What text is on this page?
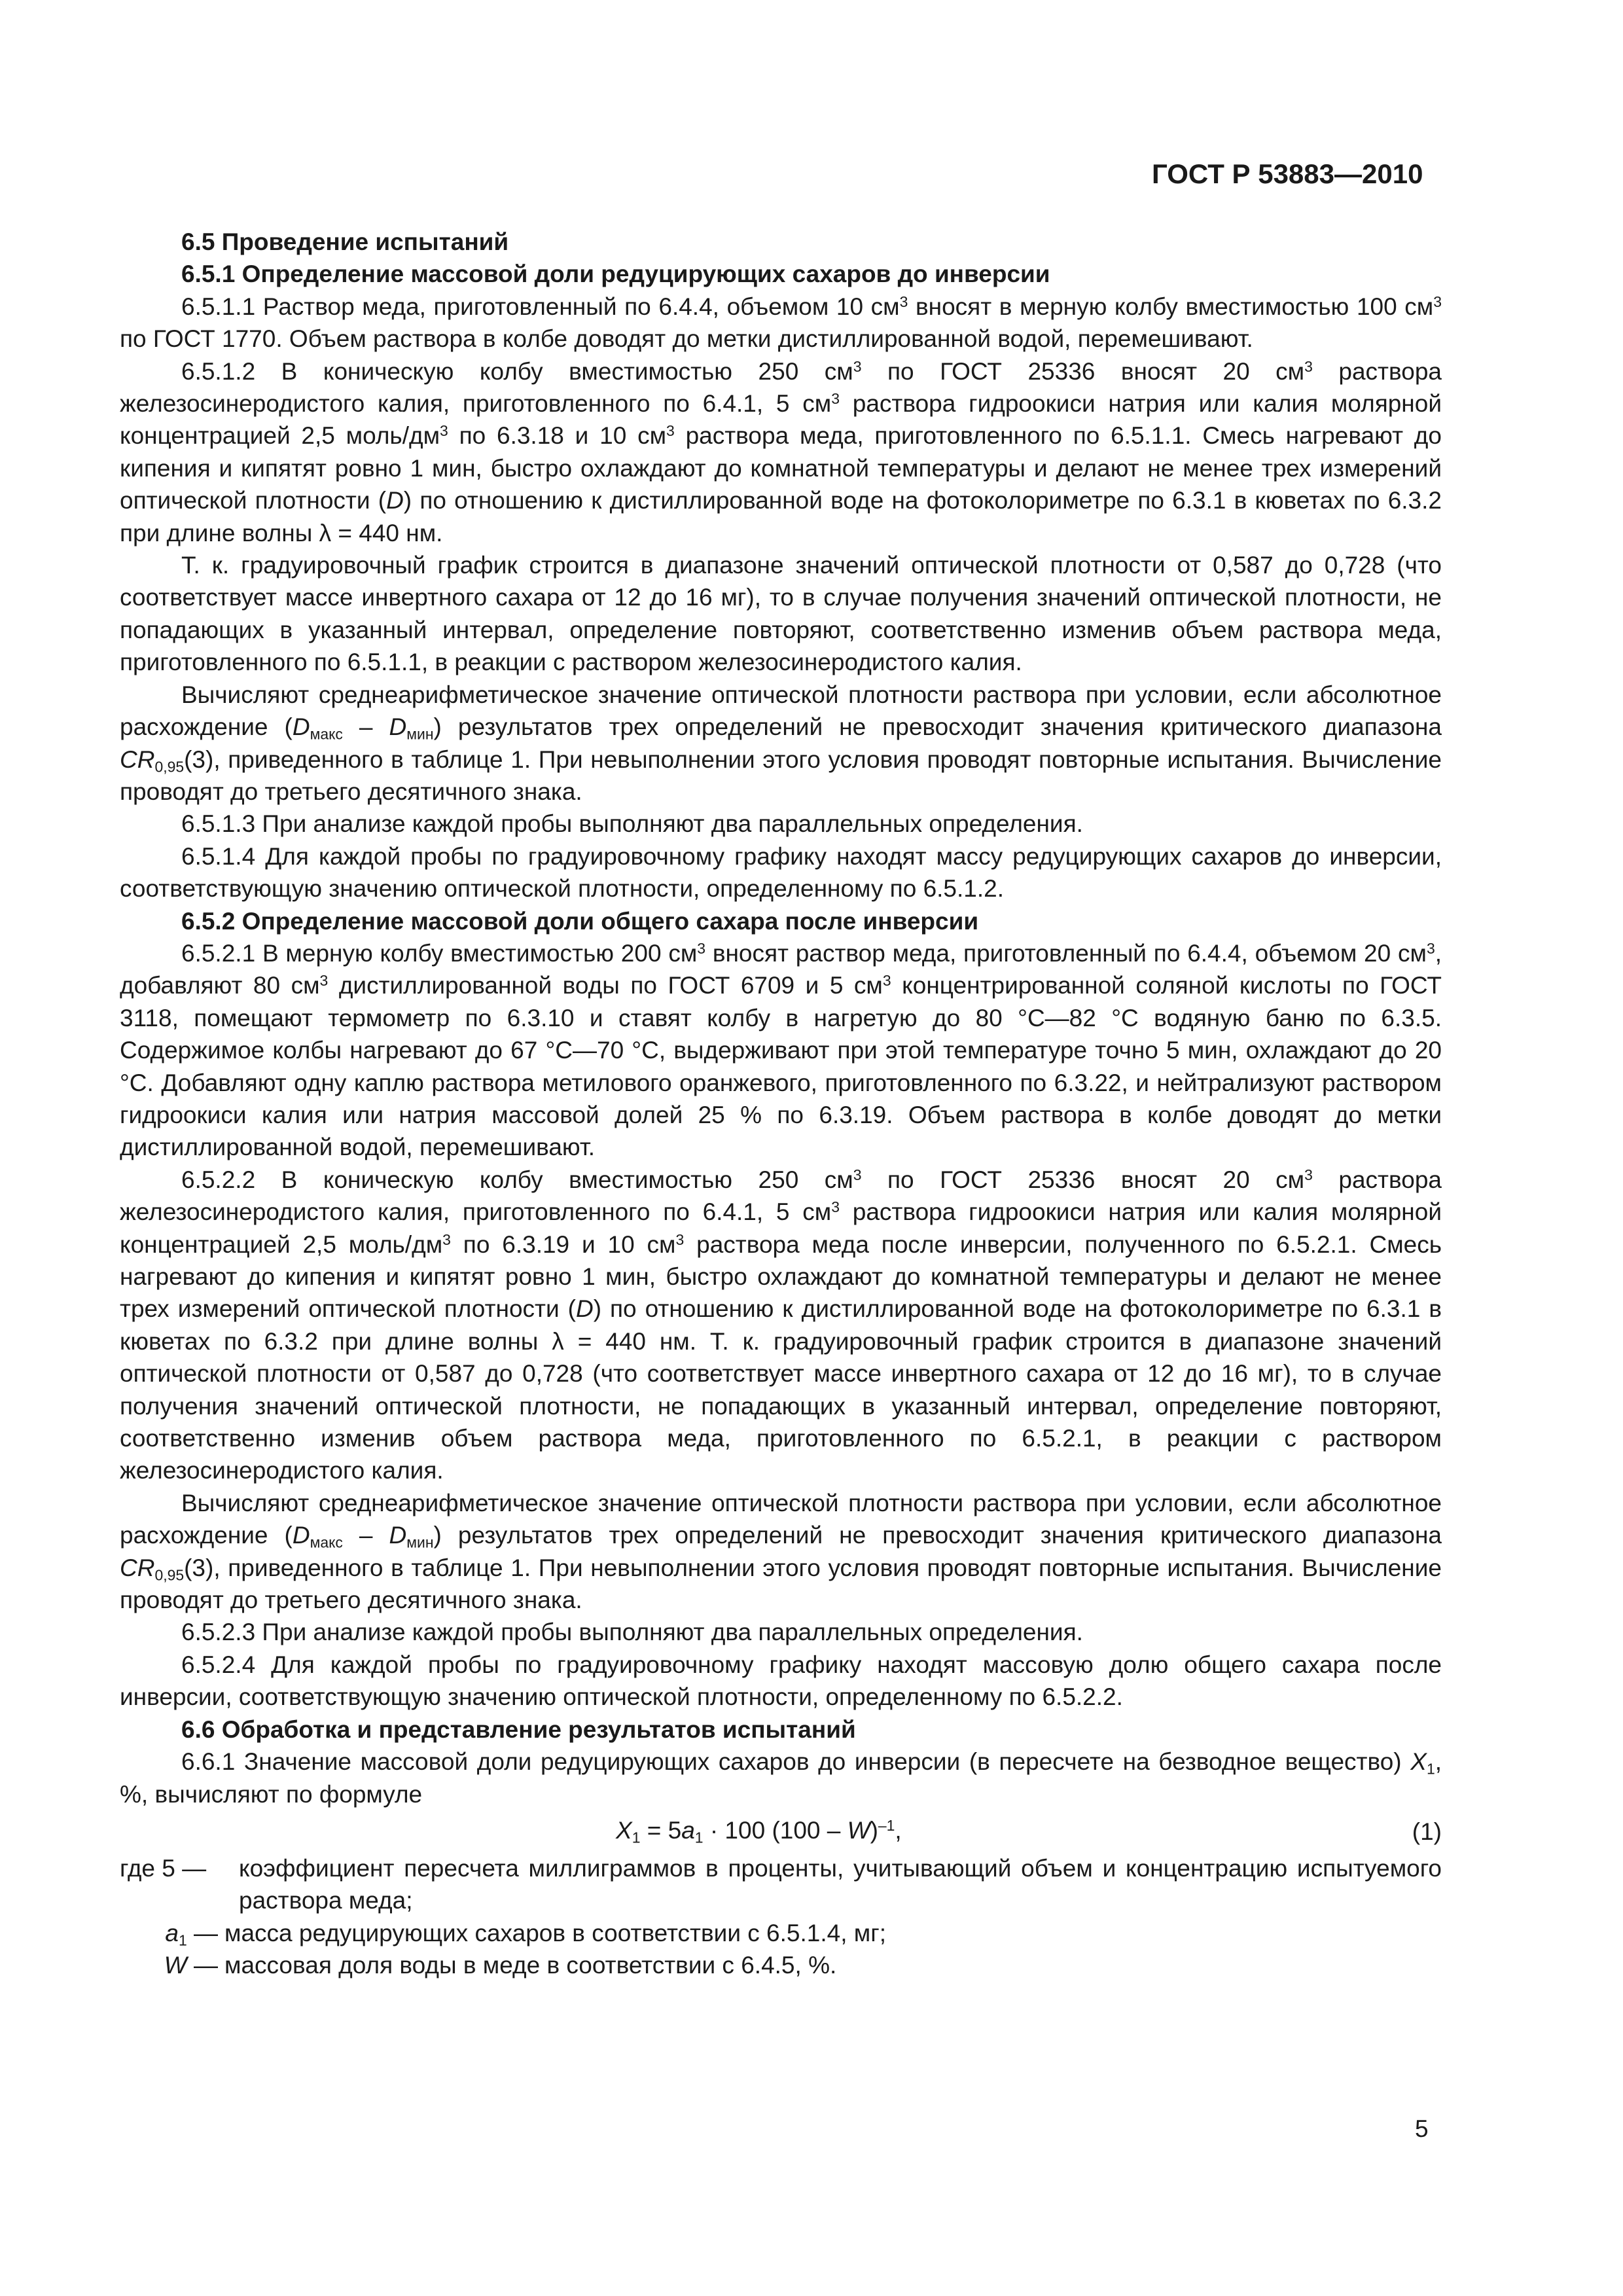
ГОСТ Р 53883—2010

6.5 Проведение испытаний

6.5.1 Определение массовой доли редуцирующих сахаров до инверсии

6.5.1.1 Раствор меда, приготовленный по 6.4.4, объемом 10 $см^3$ вносят в мерную колбу вместимостью 100 $см^3$ по ГОСТ 1770. Объем раствора в колбе доводят до метки дистиллированной водой, перемешивают.

6.5.1.2 В коническую колбу вместимостью 250 $см^3$ по ГОСТ 25336 вносят 20 $см^3$ раствора железосинеродистого калия, приготовленного по 6.4.1, 5 $см^3$ раствора гидроокиси натрия или калия молярной концентрацией 2,5 моль/$дм^3$ по 6.3.18 и 10 $см^3$ раствора меда, приготовленного по 6.5.1.1. Смесь нагревают до кипения и кипятят ровно 1 мин, быстро охлаждают до комнатной температуры и делают не менее трех измерений оптической плотности (D) по отношению к дистиллированной воде на фотоколориметре по 6.3.1 в кюветах по 6.3.2 при длине волны λ = 440 нм.

Т. к. градуировочный график строится в диапазоне значений оптической плотности от 0,587 до 0,728 (что соответствует массе инвертного сахара от 12 до 16 мг), то в случае получения значений оптической плотности, не попадающих в указанный интервал, определение повторяют, соответственно изменив объем раствора меда, приготовленного по 6.5.1.1, в реакции с раствором железосинеродистого калия.

Вычисляют среднеарифметическое значение оптической плотности раствора при условии, если абсолютное расхождение $(D_{макс} - D_{мин})$ результатов трех определений не превосходит значения критического диапазона $CR_{0,95}(3)$, приведенного в таблице 1. При невыполнении этого условия проводят повторные испытания. Вычисление проводят до третьего десятичного знака.

6.5.1.3 При анализе каждой пробы выполняют два параллельных определения.

6.5.1.4 Для каждой пробы по градуировочному графику находят массу редуцирующих сахаров до инверсии, соответствующую значению оптической плотности, определенному по 6.5.1.2.

6.5.2 Определение массовой доли общего сахара после инверсии

6.5.2.1 В мерную колбу вместимостью 200 $см^3$ вносят раствор меда, приготовленный по 6.4.4, объемом 20 $см^3$, добавляют 80 $см^3$ дистиллированной воды по ГОСТ 6709 и 5 $см^3$ концентрированной соляной кислоты по ГОСТ 3118, помещают термометр по 6.3.10 и ставят колбу в нагретую до 80 °С—82 °С водяную баню по 6.3.5. Содержимое колбы нагревают до 67 °С—70 °С, выдерживают при этой температуре точно 5 мин, охлаждают до 20 °С. Добавляют одну каплю раствора метилового оранжевого, приготовленного по 6.3.22, и нейтрализуют раствором гидроокиси калия или натрия массовой долей 25 % по 6.3.19. Объем раствора в колбе доводят до метки дистиллированной водой, перемешивают.

6.5.2.2 В коническую колбу вместимостью 250 $см^3$ по ГОСТ 25336 вносят 20 $см^3$ раствора железосинеродистого калия, приготовленного по 6.4.1, 5 $см^3$ раствора гидроокиси натрия или калия молярной концентрацией 2,5 моль/$дм^3$ по 6.3.19 и 10 $см^3$ раствора меда после инверсии, полученного по 6.5.2.1. Смесь нагревают до кипения и кипятят ровно 1 мин, быстро охлаждают до комнатной температуры и делают не менее трех измерений оптической плотности (D) по отношению к дистиллированной воде на фотоколориметре по 6.3.1 в кюветах по 6.3.2 при длине волны λ = 440 нм. Т. к. градуировочный график строится в диапазоне значений оптической плотности от 0,587 до 0,728 (что соответствует массе инвертного сахара от 12 до 16 мг), то в случае получения значений оптической плотности, не попадающих в указанный интервал, определение повторяют, соответственно изменив объем раствора меда, приготовленного по 6.5.2.1, в реакции с раствором железосинеродистого калия.

Вычисляют среднеарифметическое значение оптической плотности раствора при условии, если абсолютное расхождение $(D_{макс} - D_{мин})$ результатов трех определений не превосходит значения критического диапазона $CR_{0,95}(3)$, приведенного в таблице 1. При невыполнении этого условия проводят повторные испытания. Вычисление проводят до третьего десятичного знака.

6.5.2.3 При анализе каждой пробы выполняют два параллельных определения.

6.5.2.4 Для каждой пробы по градуировочному графику находят массовую долю общего сахара после инверсии, соответствующую значению оптической плотности, определенному по 6.5.2.2.

6.6 Обработка и представление результатов испытаний

6.6.1 Значение массовой доли редуцирующих сахаров до инверсии (в пересчете на безводное вещество) $X_1$, %, вычисляют по формуле

$X_1 = 5a_1 \cdot 100$ (100 – W)$^{-1}$,	(1)
где 5 —	коэффициент пересчета миллиграммов в проценты, учитывающий объем и концентрацию испытуемого раствора меда;
$a_1$ — масса редуцирующих сахаров в соответствии с 6.5.1.4, мг;
W — массовая доля воды в меде в соответствии с 6.4.5, %.
5
